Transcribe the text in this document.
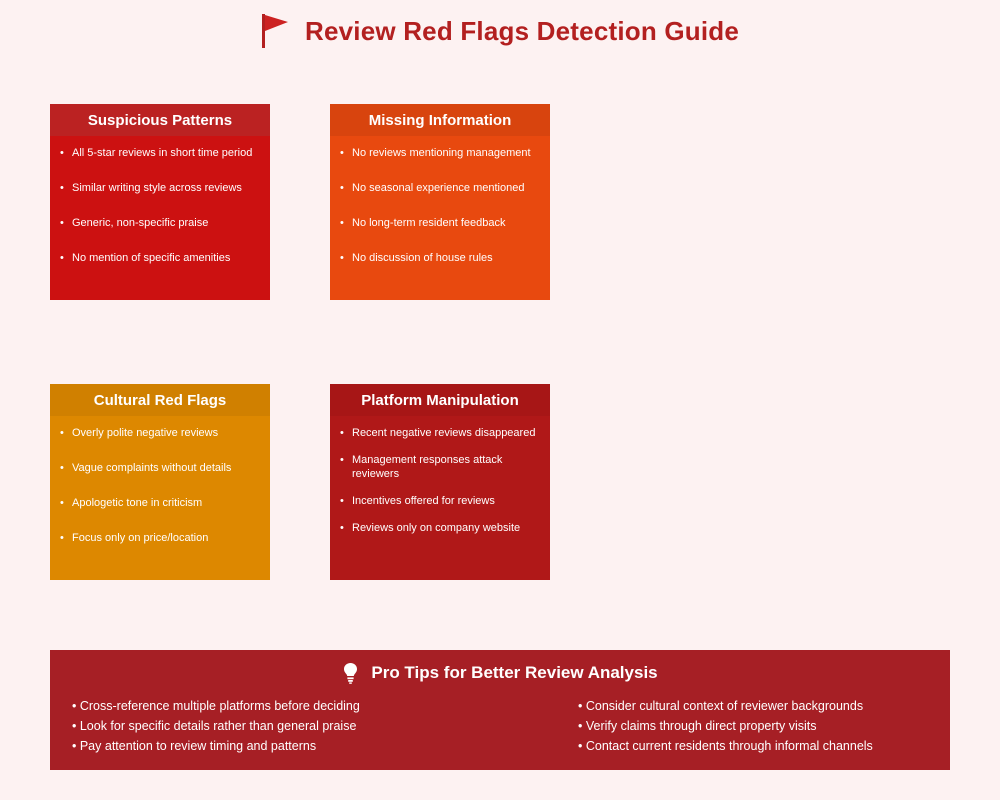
Review Red Flags Detection Guide
Suspicious Patterns
• All 5-star reviews in short time period
• Similar writing style across reviews
• Generic, non-specific praise
• No mention of specific amenities
Missing Information
• No reviews mentioning management
• No seasonal experience mentioned
• No long-term resident feedback
• No discussion of house rules
Cultural Red Flags
• Overly polite negative reviews
• Vague complaints without details
• Apologetic tone in criticism
• Focus only on price/location
Platform Manipulation
• Recent negative reviews disappeared
• Management responses attack reviewers
• Incentives offered for reviews
• Reviews only on company website
Pro Tips for Better Review Analysis
• Cross-reference multiple platforms before deciding
• Look for specific details rather than general praise
• Pay attention to review timing and patterns
• Consider cultural context of reviewer backgrounds
• Verify claims through direct property visits
• Contact current residents through informal channels
